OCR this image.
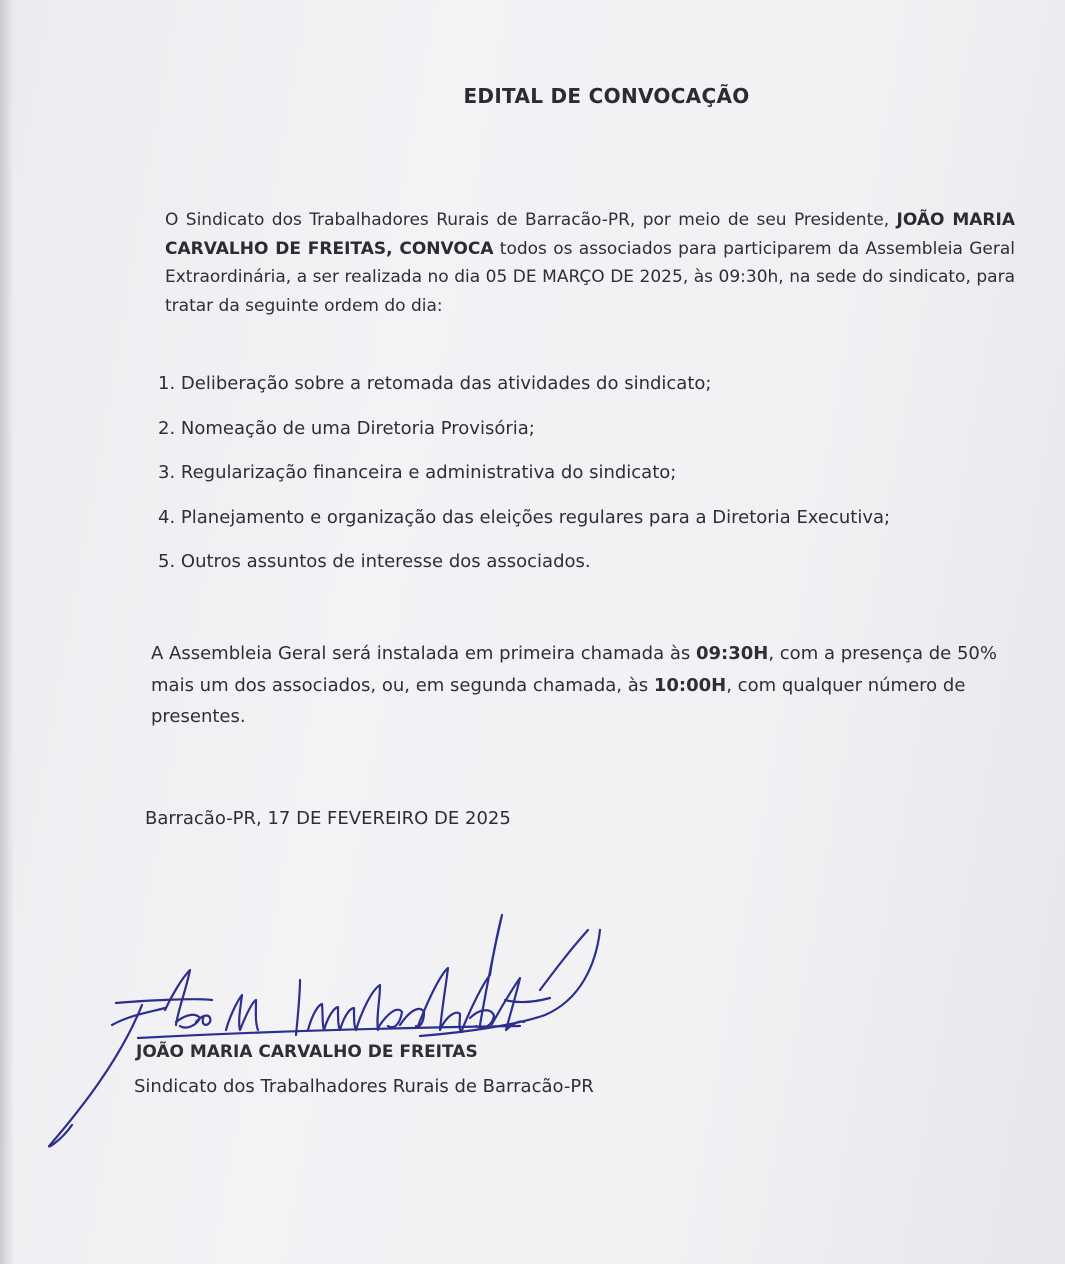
EDITAL DE CONVOCAÇÃO

O Sindicato dos Trabalhadores Rurais de Barracão-PR, por meio de seu Presidente, JOÃO MARIA CARVALHO DE FREITAS, CONVOCA todos os associados para participarem da Assembleia Geral Extraordinária, a ser realizada no dia 05 DE MARÇO DE 2025, às 09:30h, na sede do sindicato, para tratar da seguinte ordem do dia:

1. Deliberação sobre a retomada das atividades do sindicato;
2. Nomeação de uma Diretoria Provisória;
3. Regularização financeira e administrativa do sindicato;
4. Planejamento e organização das eleições regulares para a Diretoria Executiva;
5. Outros assuntos de interesse dos associados.

A Assembleia Geral será instalada em primeira chamada às 09:30H, com a presença de 50% mais um dos associados, ou, em segunda chamada, às 10:00H, com qualquer número de presentes.

Barracão-PR, 17 DE FEVEREIRO DE 2025
JOÃO MARIA CARVALHO DE FREITAS
Sindicato dos Trabalhadores Rurais de Barracão-PR
